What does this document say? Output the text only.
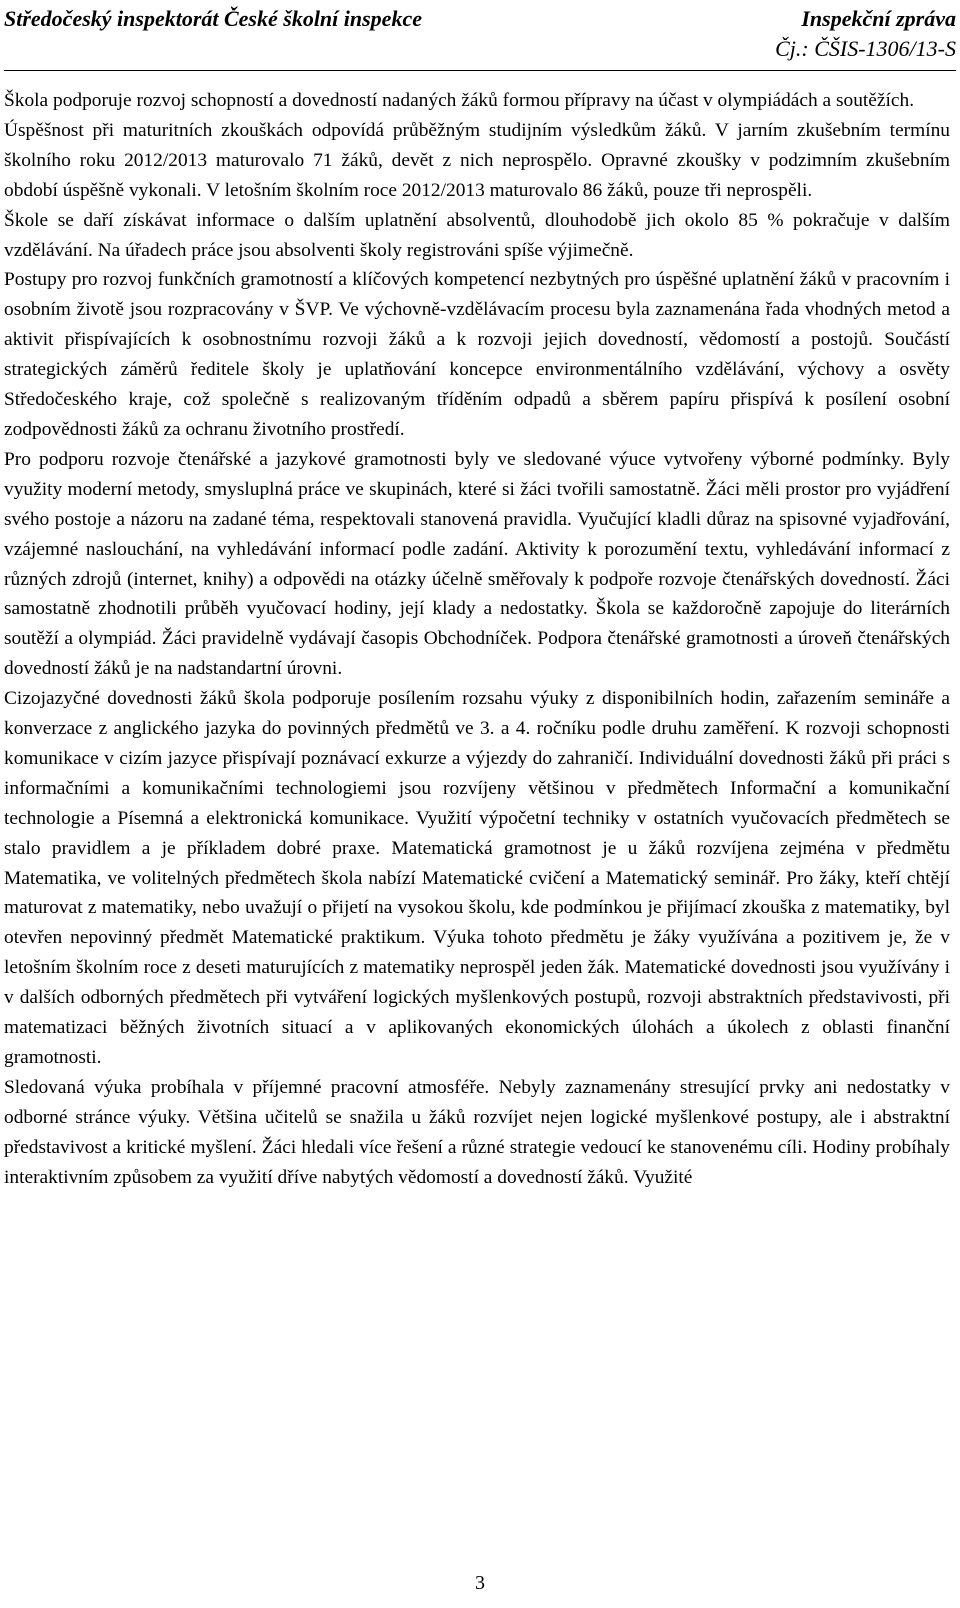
Středočeský inspektorát České školní inspekce	Inspekční zpráva
Čj.: ČŠIS-1306/13-S

Škola podporuje rozvoj schopností a dovedností nadaných žáků formou přípravy na účast v olympiádách a soutěžích.

Úspěšnost při maturitních zkouškách odpovídá průběžným studijním výsledkům žáků. V jarním zkušebním termínu školního roku 2012/2013 maturovalo 71 žáků, devět z nich neprospělo. Opravné zkoušky v podzimním zkušebním období úspěšně vykonali. V letošním školním roce 2012/2013 maturovalo 86 žáků, pouze tři neprospěli.

Škole se daří získávat informace o dalším uplatnění absolventů, dlouhodobě jich okolo 85 % pokračuje v dalším vzdělávání. Na úřadech práce jsou absolventi školy registrováni spíše výjimečně.

Postupy pro rozvoj funkčních gramotností a klíčových kompetencí nezbytných pro úspěšné uplatnění žáků v pracovním i osobním životě jsou rozpracovány v ŠVP. Ve výchovně-vzdělávacím procesu byla zaznamenána řada vhodných metod a aktivit přispívajících k osobnostnímu rozvoji žáků a k rozvoji jejich dovedností, vědomostí a postojů. Součástí strategických záměrů ředitele školy je uplatňování koncepce environmentálního vzdělávání, výchovy a osvěty Středočeského kraje, což společně s realizovaným tříděním odpadů a sběrem papíru přispívá k posílení osobní zodpovědnosti žáků za ochranu životního prostředí.

Pro podporu rozvoje čtenářské a jazykové gramotnosti byly ve sledované výuce vytvořeny výborné podmínky. Byly využity moderní metody, smysluplná práce ve skupinách, které si žáci tvořili samostatně. Žáci měli prostor pro vyjádření svého postoje a názoru na zadané téma, respektovali stanovená pravidla. Vyučující kladli důraz na spisovné vyjadřování, vzájemné naslouchání, na vyhledávání informací podle zadání. Aktivity k porozumění textu, vyhledávání informací z různých zdrojů (internet, knihy) a odpovědi na otázky účelně směřovaly k podpoře rozvoje čtenářských dovedností. Žáci samostatně zhodnotili průběh vyučovací hodiny, její klady a nedostatky. Škola se každoročně zapojuje do literárních soutěží a olympiád. Žáci pravidelně vydávají časopis Obchodníček. Podpora čtenářské gramotnosti a úroveň čtenářských dovedností žáků je na nadstandartní úrovni.

Cizojazyčné dovednosti žáků škola podporuje posílením rozsahu výuky z disponibilních hodin, zařazením semináře a konverzace z anglického jazyka do povinných předmětů ve 3. a 4. ročníku podle druhu zaměření. K rozvoji schopnosti komunikace v cizím jazyce přispívají poznávací exkurze a výjezdy do zahraničí. Individuální dovednosti žáků při práci s informačními a komunikačními technologiemi jsou rozvíjeny většinou v předmětech Informační a komunikační technologie a Písemná a elektronická komunikace. Využití výpočetní techniky v ostatních vyučovacích předmětech se stalo pravidlem a je příkladem dobré praxe. Matematická gramotnost je u žáků rozvíjena zejména v předmětu Matematika, ve volitelných předmětech škola nabízí Matematické cvičení a Matematický seminář. Pro žáky, kteří chtějí maturovat z matematiky, nebo uvažují o přijetí na vysokou školu, kde podmínkou je přijímací zkouška z matematiky, byl otevřen nepovinný předmět Matematické praktikum. Výuka tohoto předmětu je žáky využívána a pozitivem je, že v letošním školním roce z deseti maturujících z matematiky neprospěl jeden žák. Matematické dovednosti jsou využívány i v dalších odborných předmětech při vytváření logických myšlenkových postupů, rozvoji abstraktních představivosti, při matematizaci běžných životních situací a v aplikovaných ekonomických úlohách a úkolech z oblasti finanční gramotnosti.

Sledovaná výuka probíhala v příjemné pracovní atmosféře. Nebyly zaznamenány stresující prvky ani nedostatky v odborné stránce výuky. Většina učitelů se snažila u žáků rozvíjet nejen logické myšlenkové postupy, ale i abstraktní představivost a kritické myšlení. Žáci hledali více řešení a různé strategie vedoucí ke stanovenému cíli. Hodiny probíhaly interaktivním způsobem za využití dříve nabytých vědomostí a dovedností žáků. Využité

3
